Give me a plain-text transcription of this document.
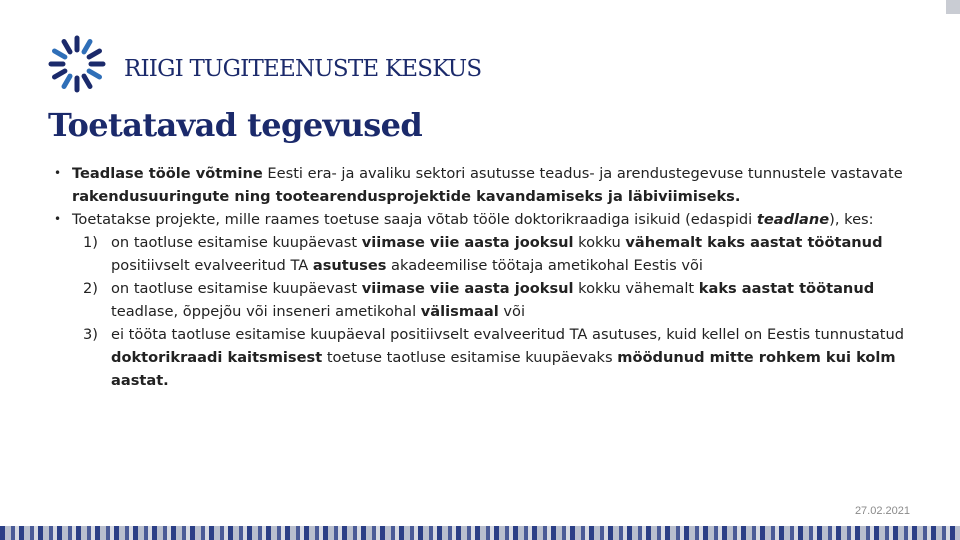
RIIGI TUGITEENUSTE KESKUS
Toetatavad tegevused
• Teadlase tööle võtmine Eesti era- ja avaliku sektori asutusse teadus- ja arendustegevuse tunnustele vastavate rakendusuuringute ning tootearendusprojektide kavandamiseks ja läbiviimiseks.
• Toetatakse projekte, mille raames toetuse saaja võtab tööle doktorikraadiga isikuid (edaspidi teadlane), kes:
1) on taotluse esitamise kuupäevast viimase viie aasta jooksul kokku vähemalt kaks aastat töötanud positiivselt evalveeritud TA asutuses akadeemilise töötaja ametikohal Eestis või
2) on taotluse esitamise kuupäevast viimase viie aasta jooksul kokku vähemalt kaks aastat töötanud teadlase, õppejõu või inseneri ametikohal välismaal või
3) ei tööta taotluse esitamise kuupäeval positiivselt evalveeritud TA asutuses, kuid kellel on Eestis tunnustatud doktorikraadi kaitsmisest toetuse taotluse esitamise kuupäevaks möödunud mitte rohkem kui kolm aastat.
27.02.2021
